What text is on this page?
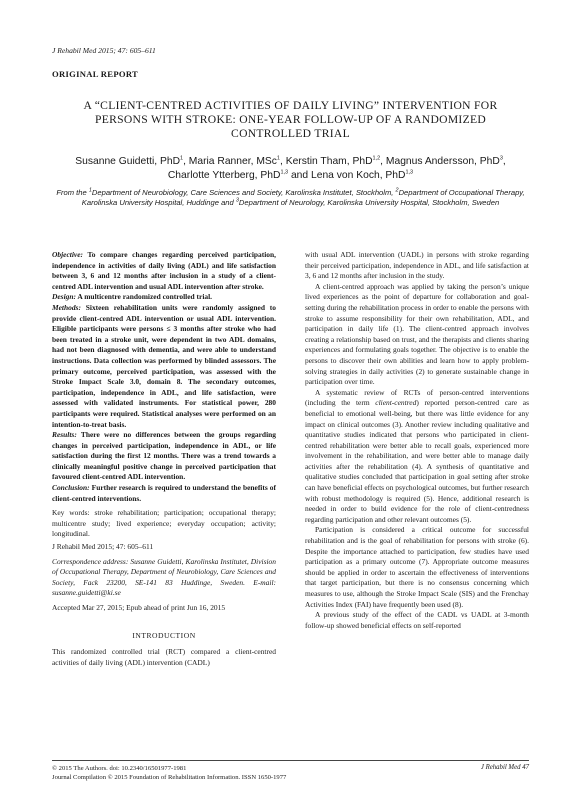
J Rehabil Med 2015; 47: 605–611
ORIGINAL REPORT
A “CLIENT-CENTRED ACTIVITIES OF DAILY LIVING” INTERVENTION FOR
PERSONS WITH STROKE: ONE-YEAR FOLLOW-UP OF A RANDOMIZED
CONTROLLED TRIAL
Susanne Guidetti, PhD$^1$, Maria Ranner, MSc$^1$, Kerstin Tham, PhD$^{1,2}$, Magnus Andersson, PhD$^3$,
Charlotte Ytterberg, PhD$^{1,3}$ and Lena von Koch, PhD$^{1,3}$
From the $^1$Department of Neurobiology, Care Sciences and Society, Karolinska Institutet, Stockholm, $^2$Department of Occupational Therapy, Karolinska University Hospital, Huddinge and $^3$Department of Neurology, Karolinska University Hospital, Stockholm, Sweden

Objective: To compare changes regarding perceived participation, independence in activities of daily living (ADL) and life satisfaction between 3, 6 and 12 months after inclusion in a study of a client-centred ADL intervention and usual ADL intervention after stroke.

Design: A multicentre randomized controlled trial.

Methods: Sixteen rehabilitation units were randomly assigned to provide client-centred ADL intervention or usual ADL intervention. Eligible participants were persons ≤ 3 months after stroke who had been treated in a stroke unit, were dependent in two ADL domains, had not been diagnosed with dementia, and were able to understand instructions. Data collection was performed by blinded assessors. The primary outcome, perceived participation, was assessed with the Stroke Impact Scale 3.0, domain 8. The secondary outcomes, participation, independence in ADL, and life satisfaction, were assessed with validated instruments. For statistical power, 280 participants were required. Statistical analyses were performed on an intention-to-treat basis.

Results: There were no differences between the groups regarding changes in perceived participation, independence in ADL, or life satisfaction during the first 12 months. There was a trend towards a clinically meaningful positive change in perceived participation that favoured client-centred ADL intervention.

Conclusion: Further research is required to understand the benefits of client-centred interventions.

Key words: stroke rehabilitation; participation; occupational therapy; multicentre study; lived experience; everyday occupation; activity; longitudinal.

J Rehabil Med 2015; 47: 605–611

Correspondence address: Susanne Guidetti, Karolinska Institutet, Division of Occupational Therapy, Department of Neurobiology, Care Sciences and Society, Fack 23200, SE-141 83 Huddinge, Sweden. E-mail: susanne.guidetti@ki.se

Accepted Mar 27, 2015; Epub ahead of print Jun 16, 2015

INTRODUCTION

This randomized controlled trial (RCT) compared a client-centred activities of daily living (ADL) intervention (CADL)

with usual ADL intervention (UADL) in persons with stroke regarding their perceived participation, independence in ADL, and life satisfaction at 3, 6 and 12 months after inclusion in the study.

A client-centred approach was applied by taking the person’s unique lived experiences as the point of departure for collaboration and goal-setting during the rehabilitation process in order to enable the persons with stroke to assume responsibility for their own rehabilitation, ADL, and participation in daily life (1). The client-centred approach involves creating a relationship based on trust, and the therapists and clients sharing experiences and formulating goals together. The objective is to enable the persons to discover their own abilities and learn how to apply problem-solving strategies in daily activities (2) to generate sustainable change in participation over time.

A systematic review of RCTs of person-centred interventions (including the term client-centred) reported person-centred care as beneficial to emotional well-being, but there was little evidence for any impact on clinical outcomes (3). Another review including qualitative and quantitative studies indicated that persons who participated in client-centred rehabilitation were better able to recall goals, experienced more involvement in the rehabilitation, and were better able to manage daily activities after the rehabilitation (4). A synthesis of quantitative and qualitative studies concluded that participation in goal setting after stroke can have beneficial effects on psychological outcomes, but further research with robust methodology is required (5). Hence, additional research is needed in order to build evidence for the role of client-centredness regarding participation and other relevant outcomes (5).

Participation is considered a critical outcome for successful rehabilitation and is the goal of rehabilitation for persons with stroke (6). Despite the importance attached to participation, few studies have used participation as a primary outcome (7). Appropriate outcome measures should be applied in order to ascertain the effectiveness of interventions that target participation, but there is no consensus concerning which measures to use, although the Stroke Impact Scale (SIS) and the Frenchay Activities Index (FAI) have frequently been used (8).

A previous study of the effect of the CADL vs UADL at 3-month follow-up showed beneficial effects on self-reported

© 2015 The Authors. doi: 10.2340/16501977-1981
Journal Compilation © 2015 Foundation of Rehabilitation Information. ISSN 1650-1977
J Rehabil Med 47
